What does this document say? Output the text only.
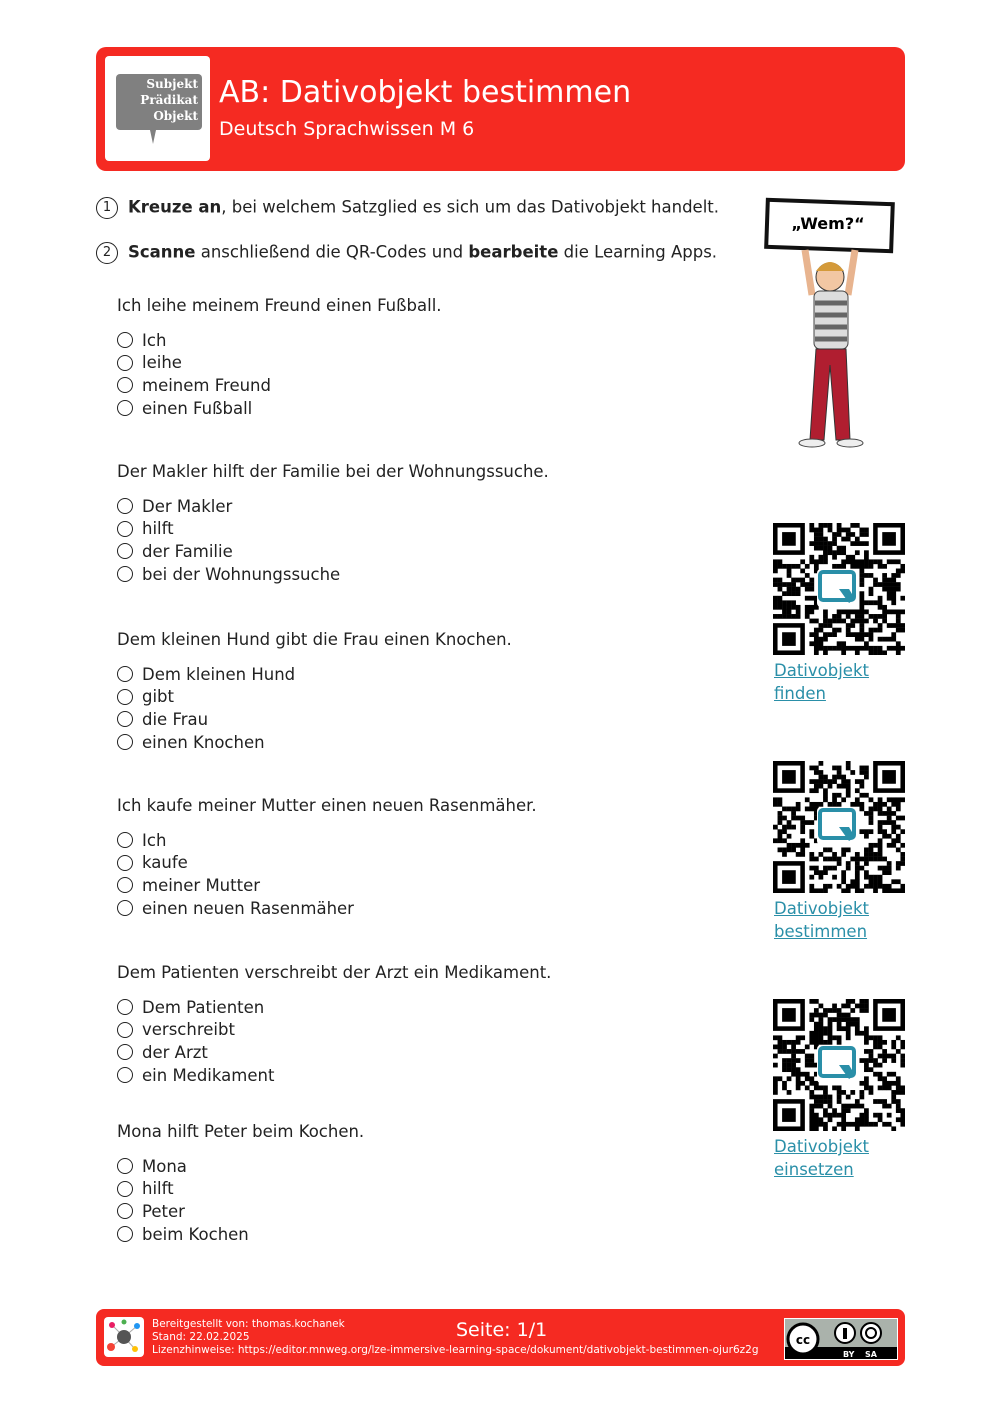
Subjekt
Prädikat
Objekt
AB: Dativobjekt bestimmen
Deutsch Sprachwissen M 6
1 Kreuze an, bei welchem Satzglied es sich um das Dativobjekt handelt.
2 Scanne anschließend die QR-Codes und bearbeite die Learning Apps.
„Wem?“
Ich leihe meinem Freund einen Fußball.
Ich
leihe
meinem Freund
einen Fußball
Der Makler hilft der Familie bei der Wohnungssuche.
Der Makler
hilft
der Familie
bei der Wohnungssuche
Dem kleinen Hund gibt die Frau einen Knochen.
Dem kleinen Hund
gibt
die Frau
einen Knochen
Ich kaufe meiner Mutter einen neuen Rasenmäher.
Ich
kaufe
meiner Mutter
einen neuen Rasenmäher
Dem Patienten verschreibt der Arzt ein Medikament.
Dem Patienten
verschreibt
der Arzt
ein Medikament
Mona hilft Peter beim Kochen.
Mona
hilft
Peter
beim Kochen
Dativobjekt
finden
Dativobjekt
bestimmen
Dativobjekt
einsetzen
Bereitgestellt von: thomas.kochanek
Stand: 22.02.2025
Lizenzhinweise: https://editor.mnweg.org/lze-immersive-learning-space/dokument/dativobjekt-bestimmen-ojur6z2g
Seite: 1/1	cc
BY SA
